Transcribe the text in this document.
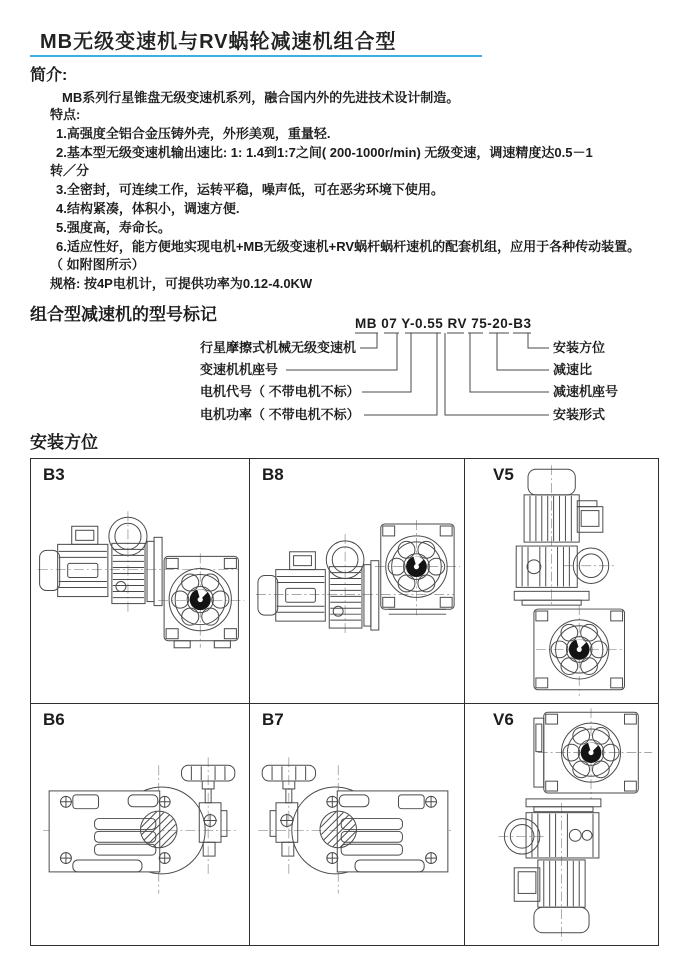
MB无级变速机与RV蜗轮减速机组合型
简介:
MB系列行星锥盘无级变速机系列，融合国内外的先进技术设计制造。
特点:
1.高强度全铝合金压铸外壳，外形美观，重量轻.
2.基本型无级变速机输出速比: 1: 1.4到1:7之间( 200-1000r/min) 无级变速，调速精度达0.5－1
转／分
3.全密封，可连续工作，运转平稳，噪声低，可在恶劣环境下使用。
4.结构紧凑，体积小，调速方便.
5.强度高，寿命长。
6.适应性好，能方便地实现电机+MB无级变速机+RV蜗杆蜗杆速机的配套机组，应用于各种传动装置。
（ 如附图所示）
规格: 按4P电机计，可提供功率为0.12-4.0KW
组合型减速机的型号标记	MB 07 Y-0.55 RV 75-20-B3
行星摩擦式机械无级变速机
变速机机座号
电机代号（ 不带电机不标）
电机功率（ 不带电机不标）
安装方位
减速比
减速机座号
安装形式
安装方位
B3	B8	V5
B6	B7	V6
